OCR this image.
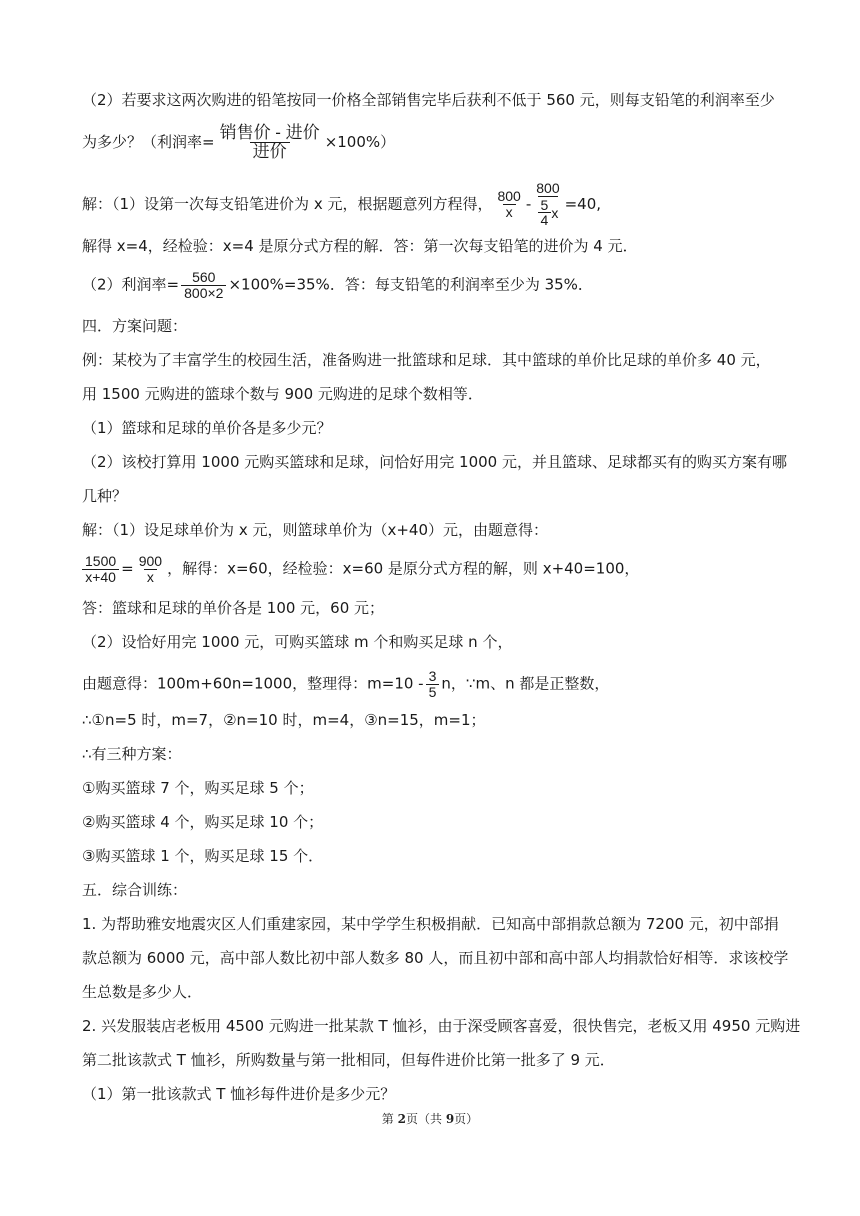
（2）若要求这两次购进的铅笔按同一价格全部销售完毕后获利不低于 560 元，则每支铅笔的利润率至少
为多少？（利润率= $\frac{\text{销售价 - 进价}}{\text{进价}} \times 100\%$）
解：（1）设第一次每支铅笔进价为 x 元，根据题意列方程得， $\frac{800}{x} - \frac{800}{\frac{5}{4} x} =40$,
解得 x=4，经检验：x=4 是原分式方程的解．答：第一次每支铅笔的进价为 4 元．
（2）利润率= $\frac{560}{800\times 2} \times 100\%=35\%$．答：每支铅笔的利润率至少为 35%．
四．方案问题：
例：某校为了丰富学生的校园生活，准备购进一批篮球和足球．其中篮球的单价比足球的单价多 40 元，
用 1500 元购进的篮球个数与 900 元购进的足球个数相等．
（1）篮球和足球的单价各是多少元？
（2）该校打算用 1000 元购买篮球和足球，问恰好用完 1000 元，并且篮球、足球都买有的购买方案有哪
几种？
解：（1）设足球单价为 x 元，则篮球单价为（x+40）元，由题意得：
$\frac{1500}{x+40} = \frac{900}{x}$ ，解得：x=60，经检验：x=60 是原分式方程的解，则 x+40=100，
答：篮球和足球的单价各是 100 元，60 元；
（2）设恰好用完 1000 元，可购买篮球 m 个和购买足球 n 个，
由题意得：100m+60n=1000，整理得：$m=10 - \frac{3}{5}$ n，∵m、n 都是正整数，
∴①n=5 时，m=7，②n=10 时，m=4，③n=15，m=1；
∴有三种方案：
①购买篮球 7 个，购买足球 5 个；
②购买篮球 4 个，购买足球 10 个；
③购买篮球 1 个，购买足球 15 个．
五．综合训练：
1. 为帮助雅安地震灾区人们重建家园，某中学学生积极捐献．已知高中部捐款总额为 7200 元，初中部捐
款总额为 6000 元，高中部人数比初中部人数多 80 人，而且初中部和高中部人均捐款恰好相等．求该校学
生总数是多少人．
2. 兴发服装店老板用 4500 元购进一批某款 T 恤衫，由于深受顾客喜爱，很快售完，老板又用 4950 元购进
第二批该款式 T 恤衫，所购数量与第一批相同，但每件进价比第一批多了 9 元．
（1）第一批该款式 T 恤衫每件进价是多少元？
第 2页（共 9页）
